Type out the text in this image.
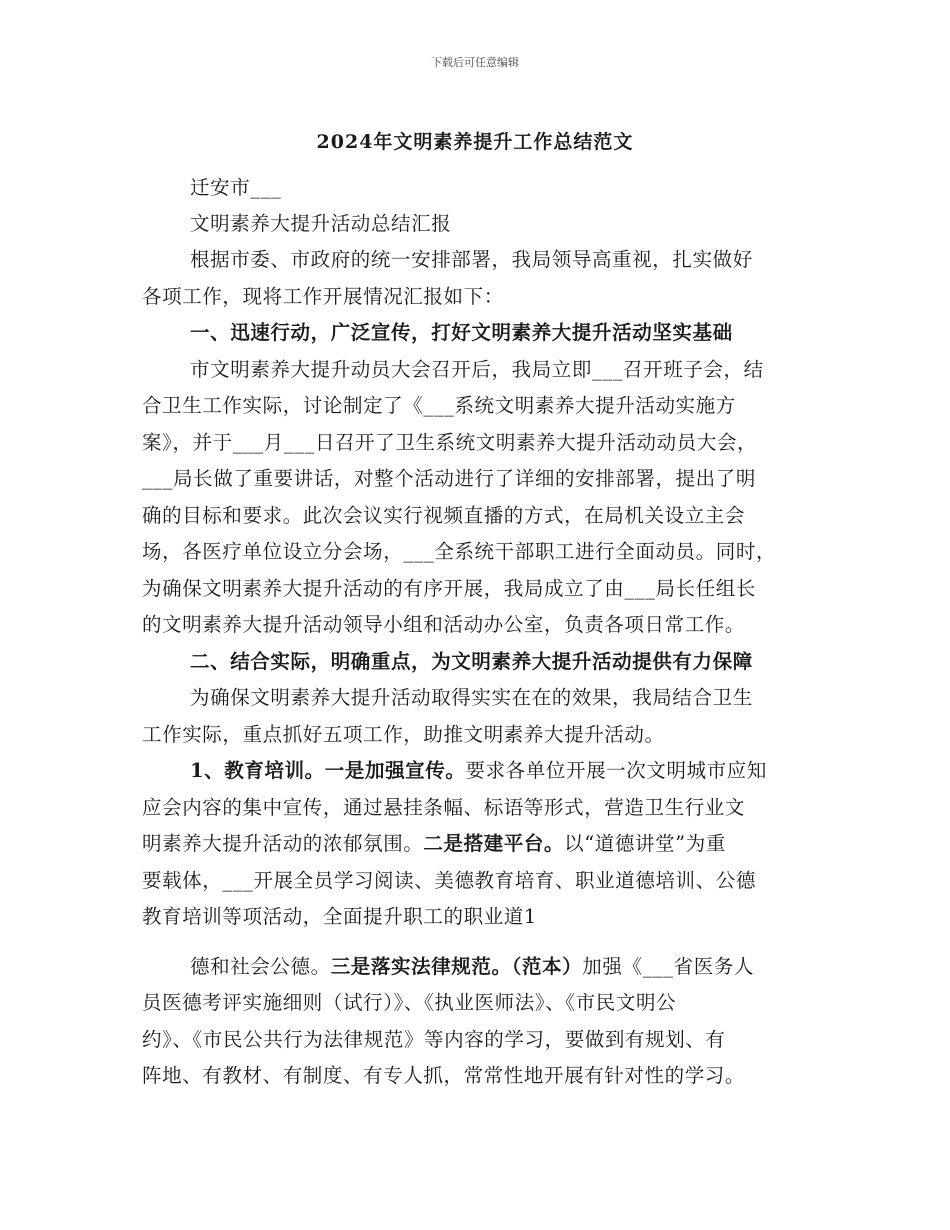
下载后可任意编辑
2024年文明素养提升工作总结范文
迁安市___
文明素养大提升活动总结汇报
根据市委、市政府的统一安排部署，我局领导高重视，扎实做好
各项工作，现将工作开展情况汇报如下：
一、迅速行动，广泛宣传，打好文明素养大提升活动坚实基础
市文明素养大提升动员大会召开后，我局立即___召开班子会，结
合卫生工作实际，讨论制定了《___系统文明素养大提升活动实施方
案》，并于___月___日召开了卫生系统文明素养大提升活动动员大会，
___局长做了重要讲话，对整个活动进行了详细的安排部署，提出了明
确的目标和要求。此次会议实行视频直播的方式，在局机关设立主会
场，各医疗单位设立分会场，___全系统干部职工进行全面动员。同时，
为确保文明素养大提升活动的有序开展，我局成立了由___局长任组长
的文明素养大提升活动领导小组和活动办公室，负责各项日常工作。
二、结合实际，明确重点，为文明素养大提升活动提供有力保障
为确保文明素养大提升活动取得实实在在的效果，我局结合卫生
工作实际，重点抓好五项工作，助推文明素养大提升活动。
1、教育培训。一是加强宣传。要求各单位开展一次文明城市应知
应会内容的集中宣传，通过悬挂条幅、标语等形式，营造卫生行业文
明素养大提升活动的浓郁氛围。二是搭建平台。以“道德讲堂”为重
要载体，___开展全员学习阅读、美德教育培育、职业道德培训、公德
教育培训等项活动，全面提升职工的职业道1
德和社会公德。三是落实法律规范。（范本）加强《___省医务人
员医德考评实施细则（试行）》、《执业医师法》、《市民文明公
约》、《市民公共行为法律规范》等内容的学习，要做到有规划、有
阵地、有教材、有制度、有专人抓，常常性地开展有针对性的学习。
